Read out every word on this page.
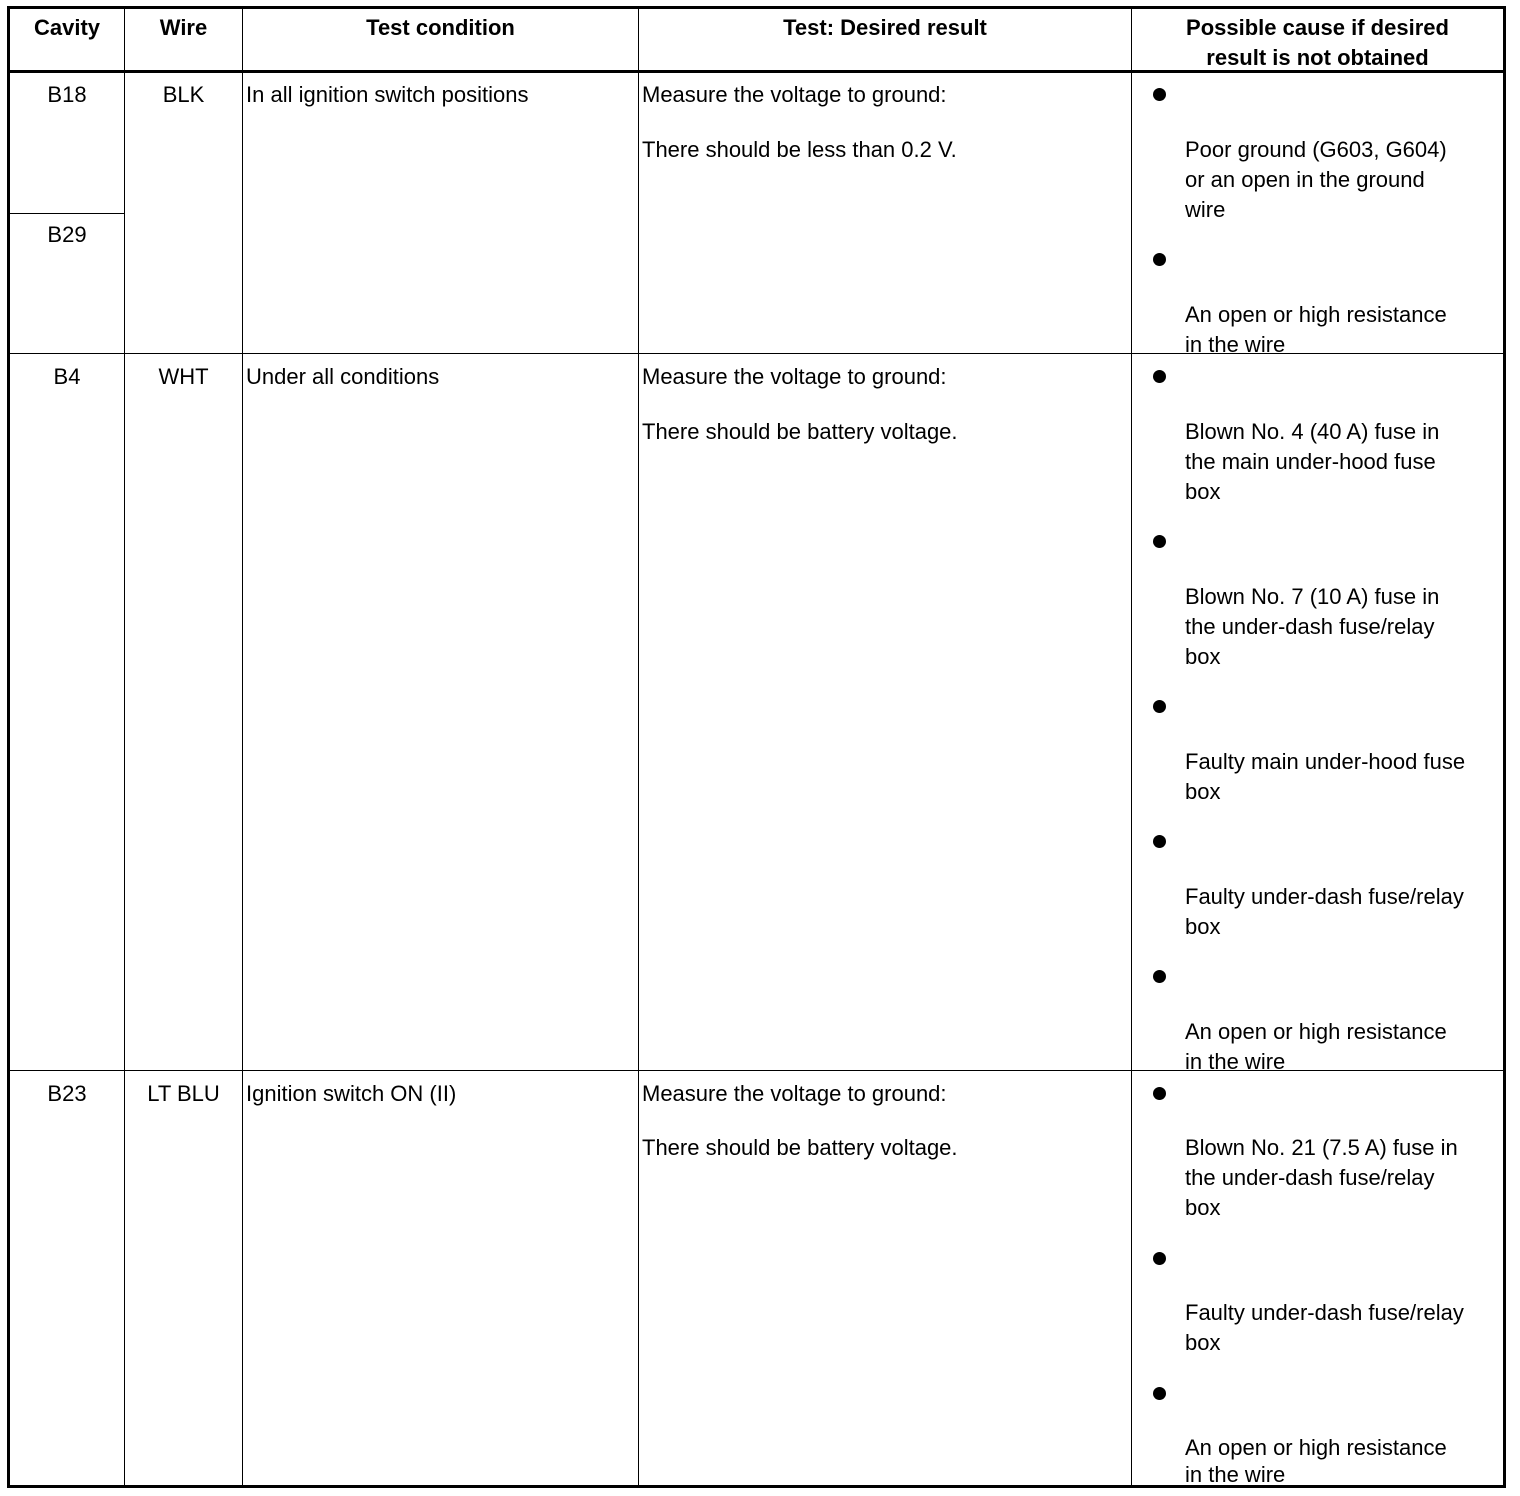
Cavity	Wire	Test condition	Test: Desired result	Possible cause if desired
result is not obtained
B18
B29
BLK	In all ignition switch positions	Measure the voltage to ground:
There should be less than 0.2 V.	Poor ground (G603, G604)
or an open in the ground
wire
An open or high resistance
in the wire
B4	WHT	Under all conditions	Measure the voltage to ground:
There should be battery voltage.	Blown No. 4 (40 A) fuse in
the main under-hood fuse
box
Blown No. 7 (10 A) fuse in
the under-dash fuse/relay
box
Faulty main under-hood fuse
box
Faulty under-dash fuse/relay
box
An open or high resistance
in the wire
B23	LT BLU	Ignition switch ON (II)	Measure the voltage to ground:
There should be battery voltage.	Blown No. 21 (7.5 A) fuse in
the under-dash fuse/relay
box
Faulty under-dash fuse/relay
box
An open or high resistance
in the wire
